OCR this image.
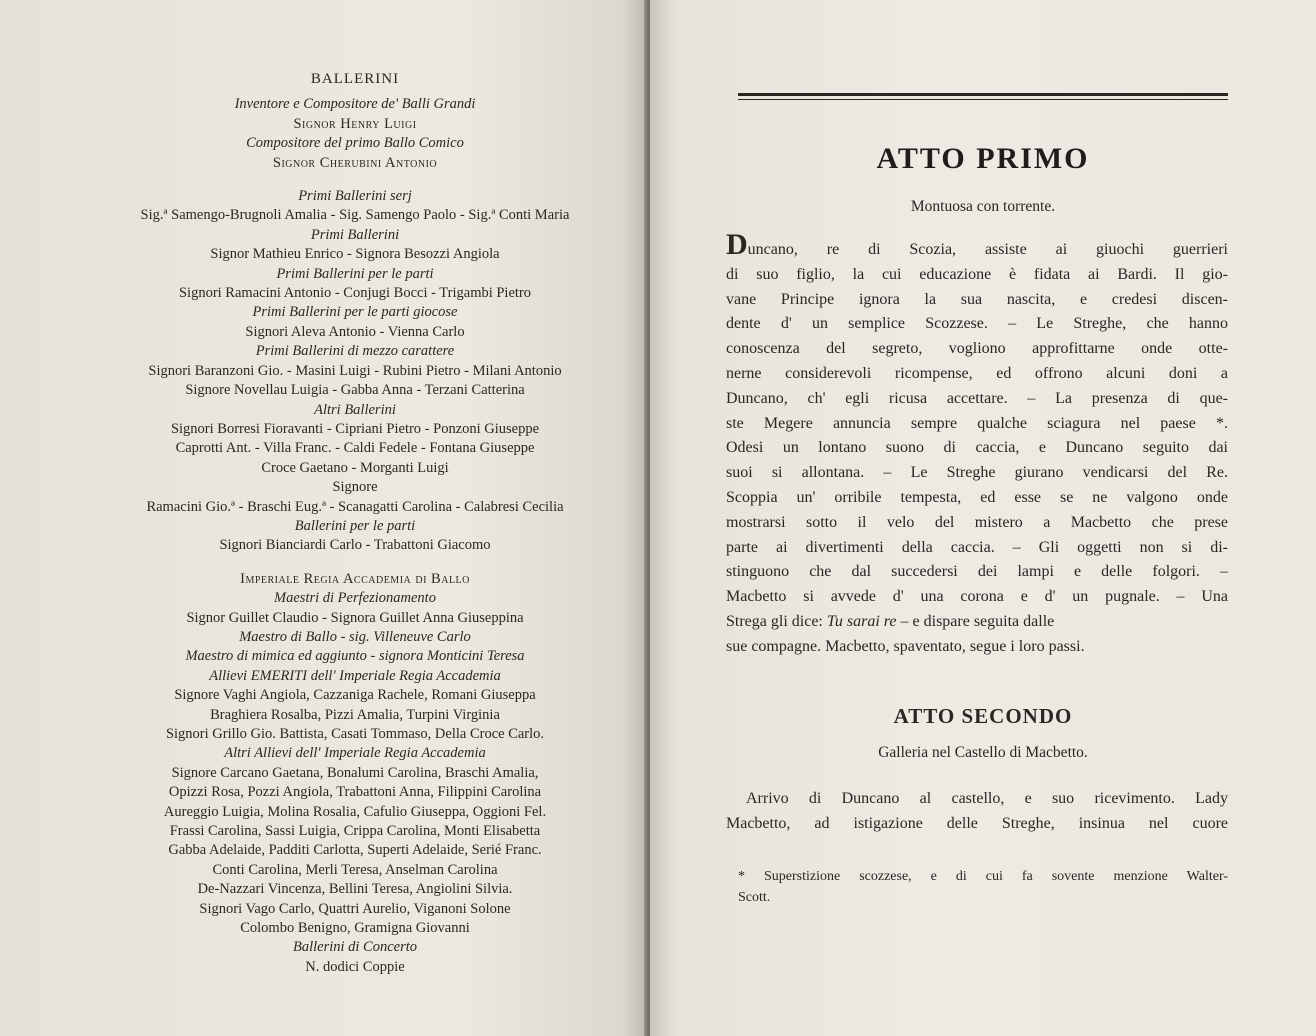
BALLERINI
Inventore e Compositore de' Balli Grandi
Signor Henry Luigi
Compositore del primo Ballo Comico
Signor Cherubini Antonio
Primi Ballerini serj
Sig.ª Samengo-Brugnoli Amalia - Sig. Samengo Paolo - Sig.ª Conti Maria
Primi Ballerini
Signor Mathieu Enrico - Signora Besozzi Angiola
Primi Ballerini per le parti
Signori Ramacini Antonio - Conjugi Bocci - Trigambi Pietro
Primi Ballerini per le parti giocose
Signori Aleva Antonio - Vienna Carlo
Primi Ballerini di mezzo carattere
Signori Baranzoni Gio. - Masini Luigi - Rubini Pietro - Milani Antonio
Signore Novellau Luigia - Gabba Anna - Terzani Catterina
Altri Ballerini
Signori Borresi Fioravanti - Cipriani Pietro - Ponzoni Giuseppe
Caprotti Ant. - Villa Franc. - Caldi Fedele - Fontana Giuseppe
Croce Gaetano - Morganti Luigi
Signore
Ramacini Gio.ª - Braschi Eug.ª - Scanagatti Carolina - Calabresi Cecilia
Ballerini per le parti
Signori Bianciardi Carlo - Trabattoni Giacomo
Imperiale Regia Accademia di Ballo
Maestri di Perfezionamento
Signor Guillet Claudio - Signora Guillet Anna Giuseppina
Maestro di Ballo - sig. Villeneuve Carlo
Maestro di mimica ed aggiunto - signora Monticini Teresa
Allievi EMERITI dell' Imperiale Regia Accademia
Signore Vaghi Angiola, Cazzaniga Rachele, Romani Giuseppa
Braghiera Rosalba, Pizzi Amalia, Turpini Virginia
Signori Grillo Gio. Battista, Casati Tommaso, Della Croce Carlo.
Altri Allievi dell' Imperiale Regia Accademia
Signore Carcano Gaetana, Bonalumi Carolina, Braschi Amalia,
Opizzi Rosa, Pozzi Angiola, Trabattoni Anna, Filippini Carolina
Aureggio Luigia, Molina Rosalia, Cafulio Giuseppa, Oggioni Fel.
Frassi Carolina, Sassi Luigia, Crippa Carolina, Monti Elisabetta
Gabba Adelaide, Padditi Carlotta, Superti Adelaide, Serié Franc.
Conti Carolina, Merli Teresa, Anselman Carolina
De-Nazzari Vincenza, Bellini Teresa, Angiolini Silvia.
Signori Vago Carlo, Quattri Aurelio, Viganoni Solone
Colombo Benigno, Gramigna Giovanni
Ballerini di Concerto
N. dodici Coppie
ATTO PRIMO
Montuosa con torrente.
Duncano, re di Scozia, assiste ai giuochi guerrieri
di suo figlio, la cui educazione è fidata ai Bardi. Il gio-
vane Principe ignora la sua nascita, e credesi discen-
dente d' un semplice Scozzese. – Le Streghe, che hanno
conoscenza del segreto, vogliono approfittarne onde otte-
nerne considerevoli ricompense, ed offrono alcuni doni a
Duncano, ch' egli ricusa accettare. – La presenza di que-
ste Megere annuncia sempre qualche sciagura nel paese *.
Odesi un lontano suono di caccia, e Duncano seguito dai
suoi si allontana. – Le Streghe giurano vendicarsi del Re.
Scoppia un' orribile tempesta, ed esse se ne valgono onde
mostrarsi sotto il velo del mistero a Macbetto che prese
parte ai divertimenti della caccia. – Gli oggetti non si di-
stinguono che dal succedersi dei lampi e delle folgori. –
Macbetto si avvede d' una corona e d' un pugnale. – Una
Strega gli dice: Tu sarai re – e dispare seguita dalle
sue compagne. Macbetto, spaventato, segue i loro passi.
ATTO SECONDO
Galleria nel Castello di Macbetto.
Arrivo di Duncano al castello, e suo ricevimento. Lady
Macbetto, ad istigazione delle Streghe, insinua nel cuore
* Superstizione scozzese, e di cui fa sovente menzione Walter-
Scott.
